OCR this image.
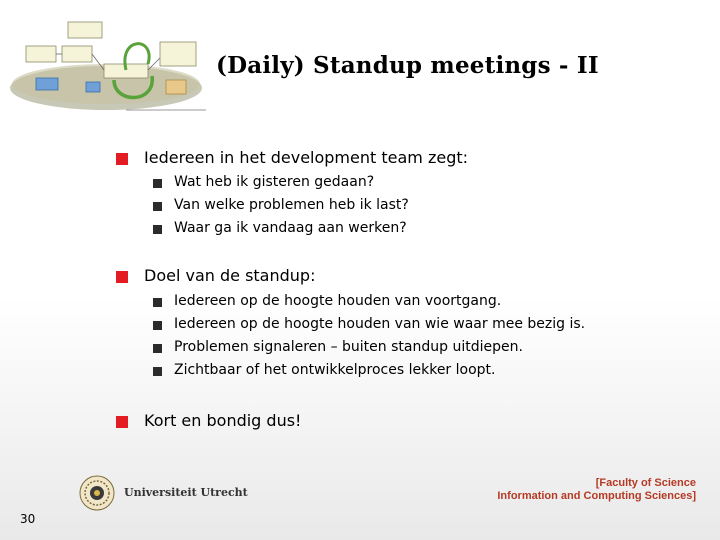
(Daily) Standup meetings - II
Iedereen in het development team zegt:
Wat heb ik gisteren gedaan?
Van welke problemen heb ik last?
Waar ga ik vandaag aan werken?
Doel van de standup:
Iedereen op de hoogte houden van voortgang.
Iedereen op de hoogte houden van wie waar mee bezig is.
Problemen signaleren – buiten standup uitdiepen.
Zichtbaar of het ontwikkelproces lekker loopt.
Kort en bondig dus!
Universiteit Utrecht
[Faculty of Science
Information and Computing Sciences]
30
